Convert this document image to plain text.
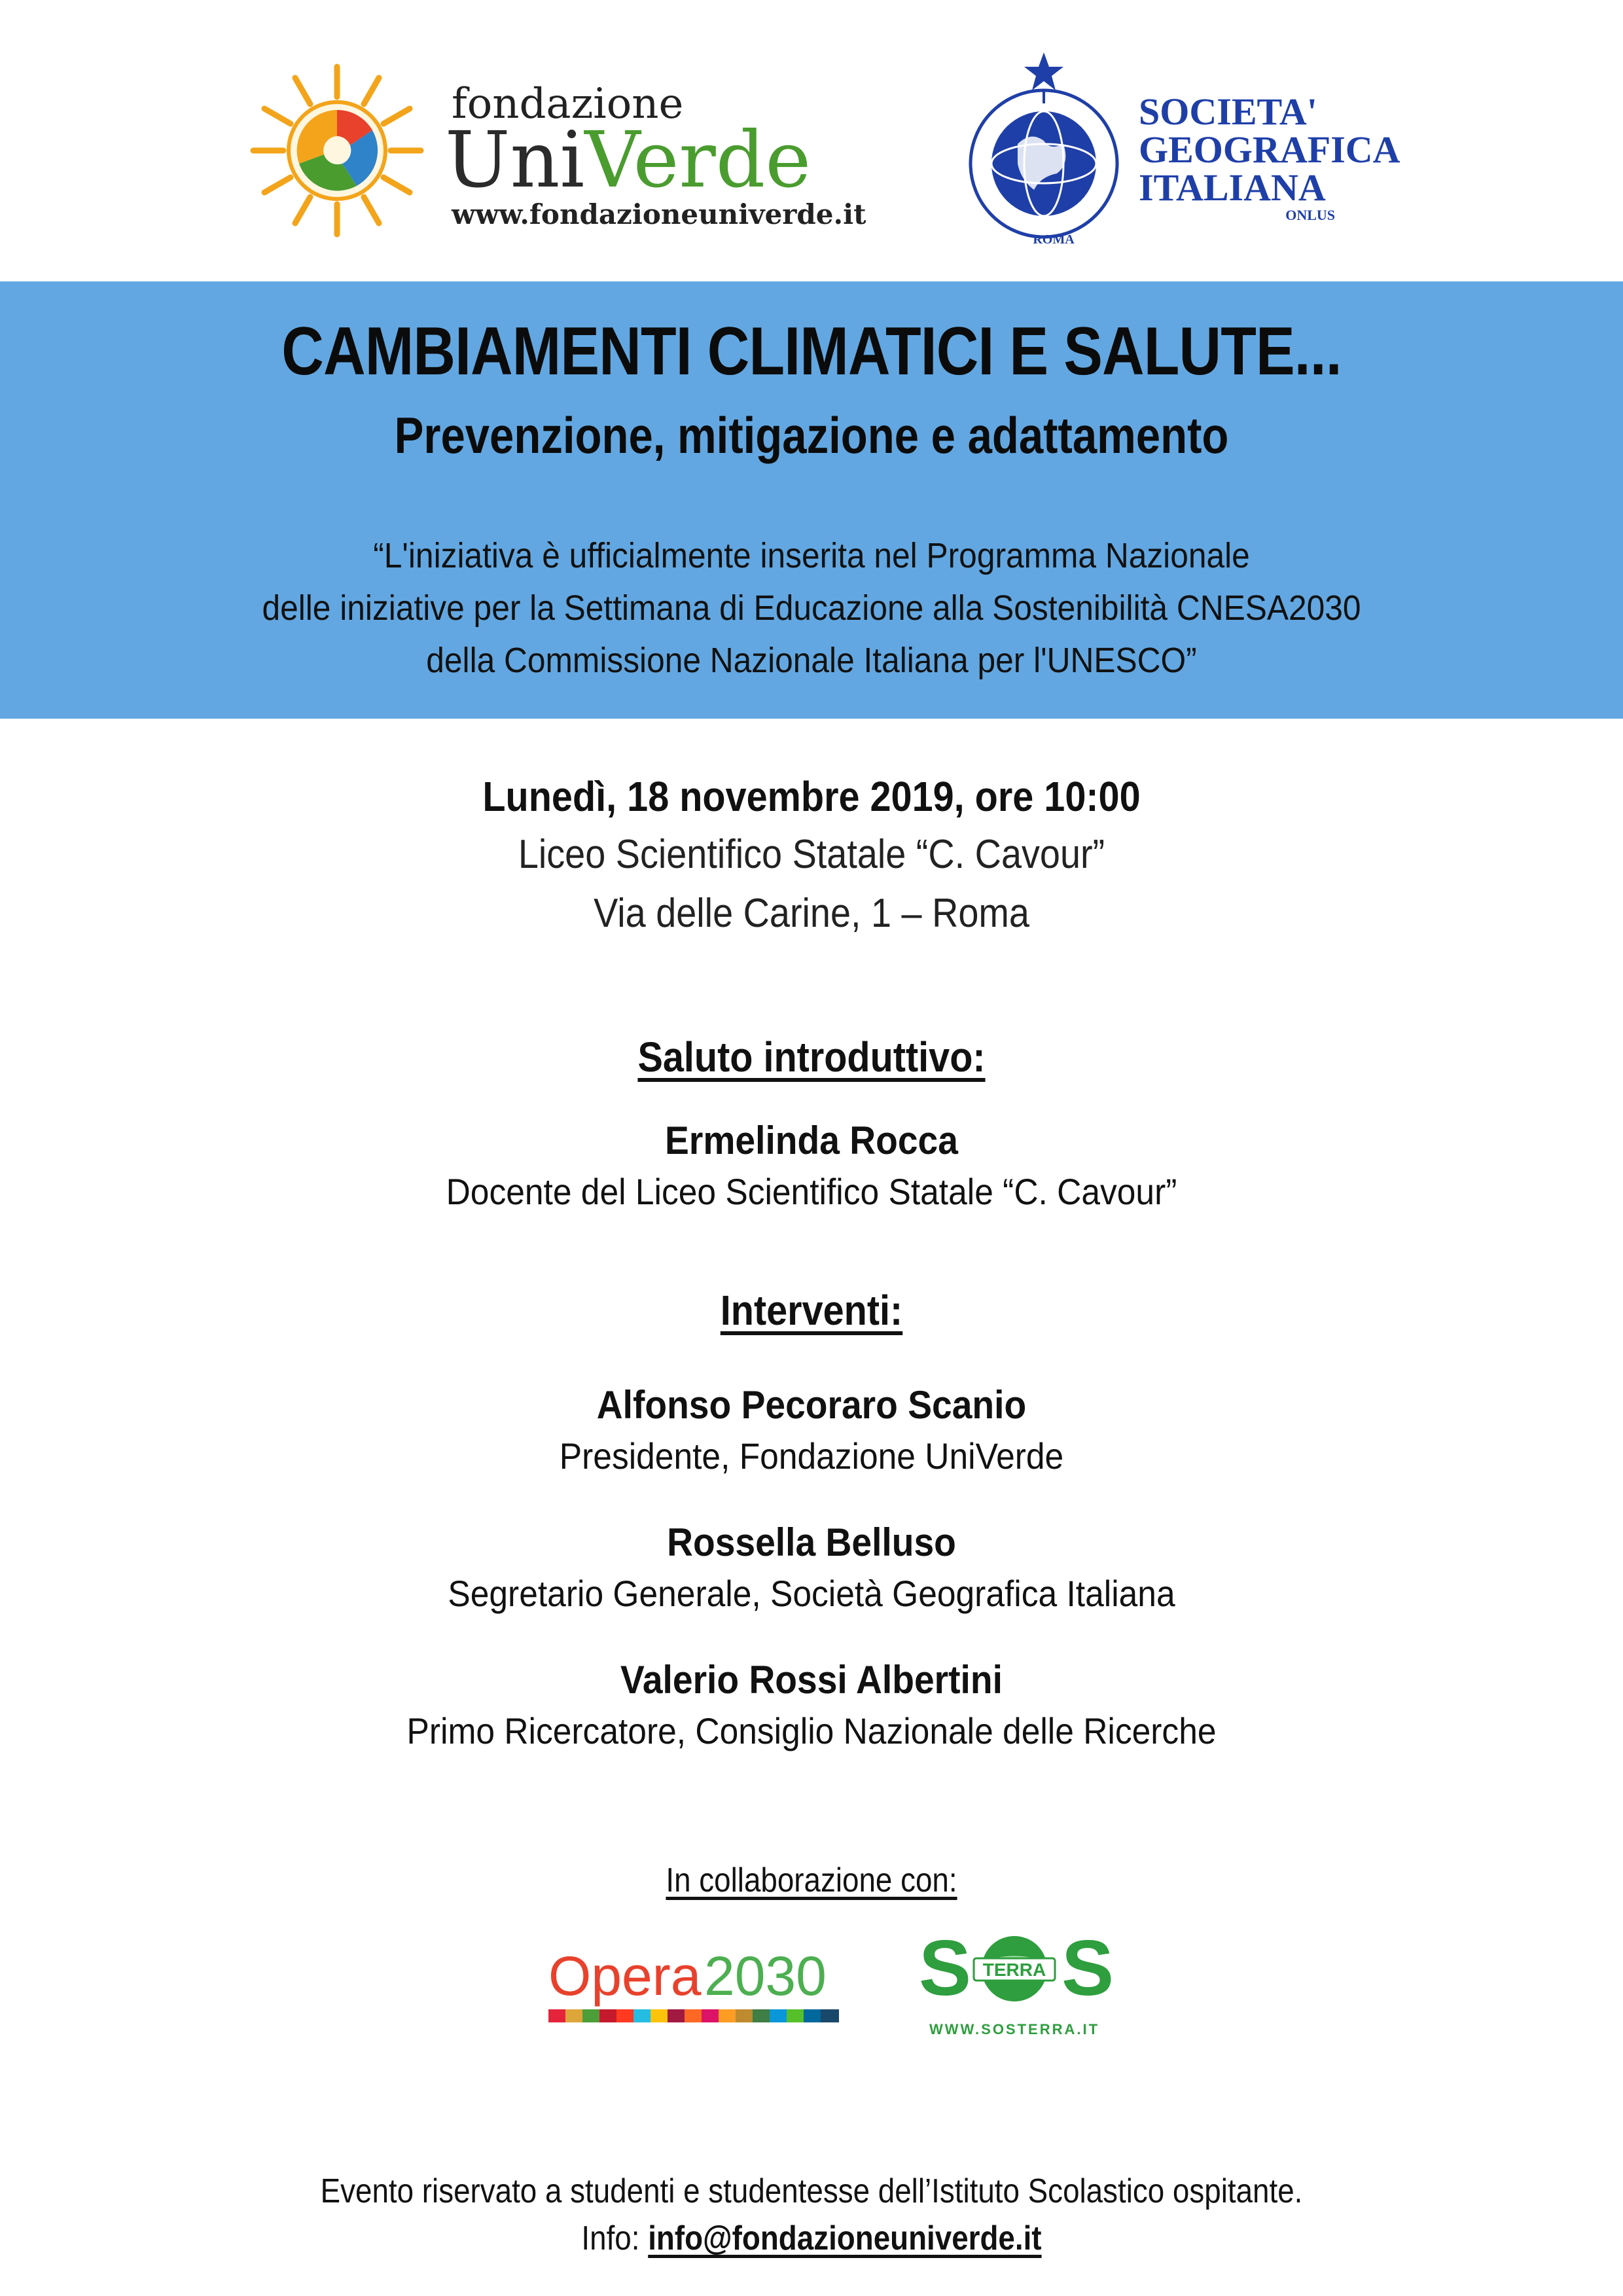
fondazione
UniVerde
www.fondazioneuniverde.it
ROMA
SOCIETA'
GEOGRAFICA
ITALIANA
ONLUS
CAMBIAMENTI CLIMATICI E SALUTE...
Prevenzione, mitigazione e adattamento
“L'iniziativa è ufficialmente inserita nel Programma Nazionale
delle iniziative per la Settimana di Educazione alla Sostenibilità CNESA2030
della Commissione Nazionale Italiana per l'UNESCO”
Lunedì, 18 novembre 2019, ore 10:00
Liceo Scientifico Statale “C. Cavour”
Via delle Carine, 1 – Roma
Saluto introduttivo:
Ermelinda Rocca
Docente del Liceo Scientifico Statale “C. Cavour”
Interventi:
Alfonso Pecoraro Scanio
Presidente, Fondazione UniVerde
Rossella Belluso
Segretario Generale, Società Geografica Italiana
Valerio Rossi Albertini
Primo Ricercatore, Consiglio Nazionale delle Ricerche
In collaborazione con:
Opera 2030 S S
TERRA
WWW.SOSTERRA.IT
Evento riservato a studenti e studentesse dell’Istituto Scolastico ospitante.
Info: info@fondazioneuniverde.it
